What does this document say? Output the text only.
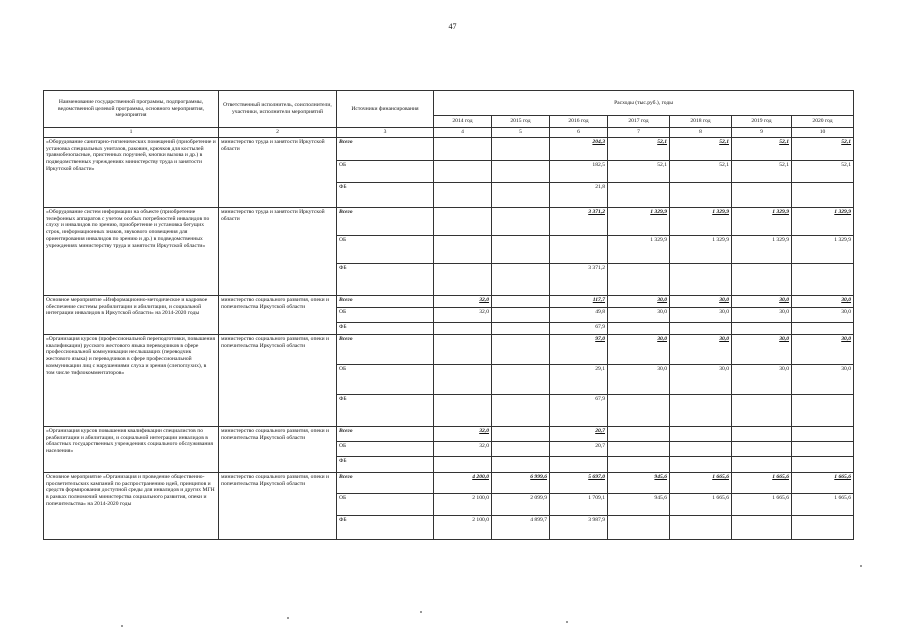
47
Наименование государственной программы, подпрограммы, ведомственной целевой программы, основного мероприятия, мероприятия	Ответственный исполнитель, соисполнители, участники, исполнители мероприятий	Источники финансирования	Расходы (тыс.руб.), годы						
			2014 год	2015 год	2016 год	2017 год	2018 год	2019 год	2020 год
1	2	3	4	5	6	7	8	9	10
«Оборудование санитарно-гигиенических помещений (приобретение и установка специальных унитазов, раковин, крючков для костылей травмобезопасные, пристенных поручней, кнопки вызова и др.) в подведомственных учреждениях министерству труда и занятости Иркутской области»	министерство труда и занятости Иркутской области	Всего			204,3	52,1	52,1	52,1	52,1
		ОБ			182,5	52,1	52,1	52,1	52,1
		ФБ			21,8				
«Оборудование систем информации на объекте (приобретение телефонных аппаратов с учетом особых потребностей инвалидов по слуху и инвалидов по зрению, приобретение и установка бегущих строк, информационных знаков, звукового оповещения для ориентирования инвалидов по зрению и др.) в подведомственных учреждениях министерству труда и занятости Иркутской области»	министерство труда и занятости Иркутской области	Всего			3 371,2	1 329,9	1 329,9	1 329,9	1 329,9
		ОБ				1 329,9	1 329,9	1 329,9	1 329,9
		ФБ			3 371,2				
Основное мероприятие «Информационно-методическое и кадровое обеспечение системы реабилитации и абилитации, и социальной интеграции инвалидов в Иркутской области» на 2014-2020 годы	министерство социального развития, опеки и попечительства Иркутской области	Всего	32,0		117,7	30,0	30,0	30,0	30,0
		ОБ	32,0		49,8	30,0	30,0	30,0	30,0
		ФБ			67,9				
«Организация курсов (профессиональной переподготовки, повышения квалификации) русского жестового языка переводчиков в сфере профессиональной коммуникации неслышащих (переводчик жестового языка) и переводчиков в сфере профессиональной коммуникации лиц с нарушениями слуха и зрения (слепоглухих), в том числе тифлокомментаторов»	министерство социального развития, опеки и попечительства Иркутской области	Всего			97,0	30,0	30,0	30,0	30,0
		ОБ			29,1	30,0	30,0	30,0	30,0
		ФБ			67,9				
«Организация курсов повышения квалификации специалистов по реабилитации и абилитации, и социальной интеграции инвалидов в областных государственных учреждениях социального обслуживания населения»	министерство социального развития, опеки и попечительства Иркутской области	Всего	32,0		20,7				
		ОБ	32,0		20,7				
		ФБ							
Основное мероприятие «Организация и проведение общественно-просветительских кампаний по распространению идей, принципов и средств формирования доступной среды для инвалидов и других МГН в рамках полномочий министерства социального развития, опеки и попечительства» на 2014-2020 годы	министерство социального развития, опеки и попечительства Иркутской области	Всего	4 200,0	6 999,6	5 697,0	945,6	1 665,6	1 665,6	1 665,6
		ОБ	2 100,0	2 099,9	1 709,1	945,6	1 665,6	1 665,6	1 665,6
		ФБ	2 100,0	4 899,7	3 987,9				
